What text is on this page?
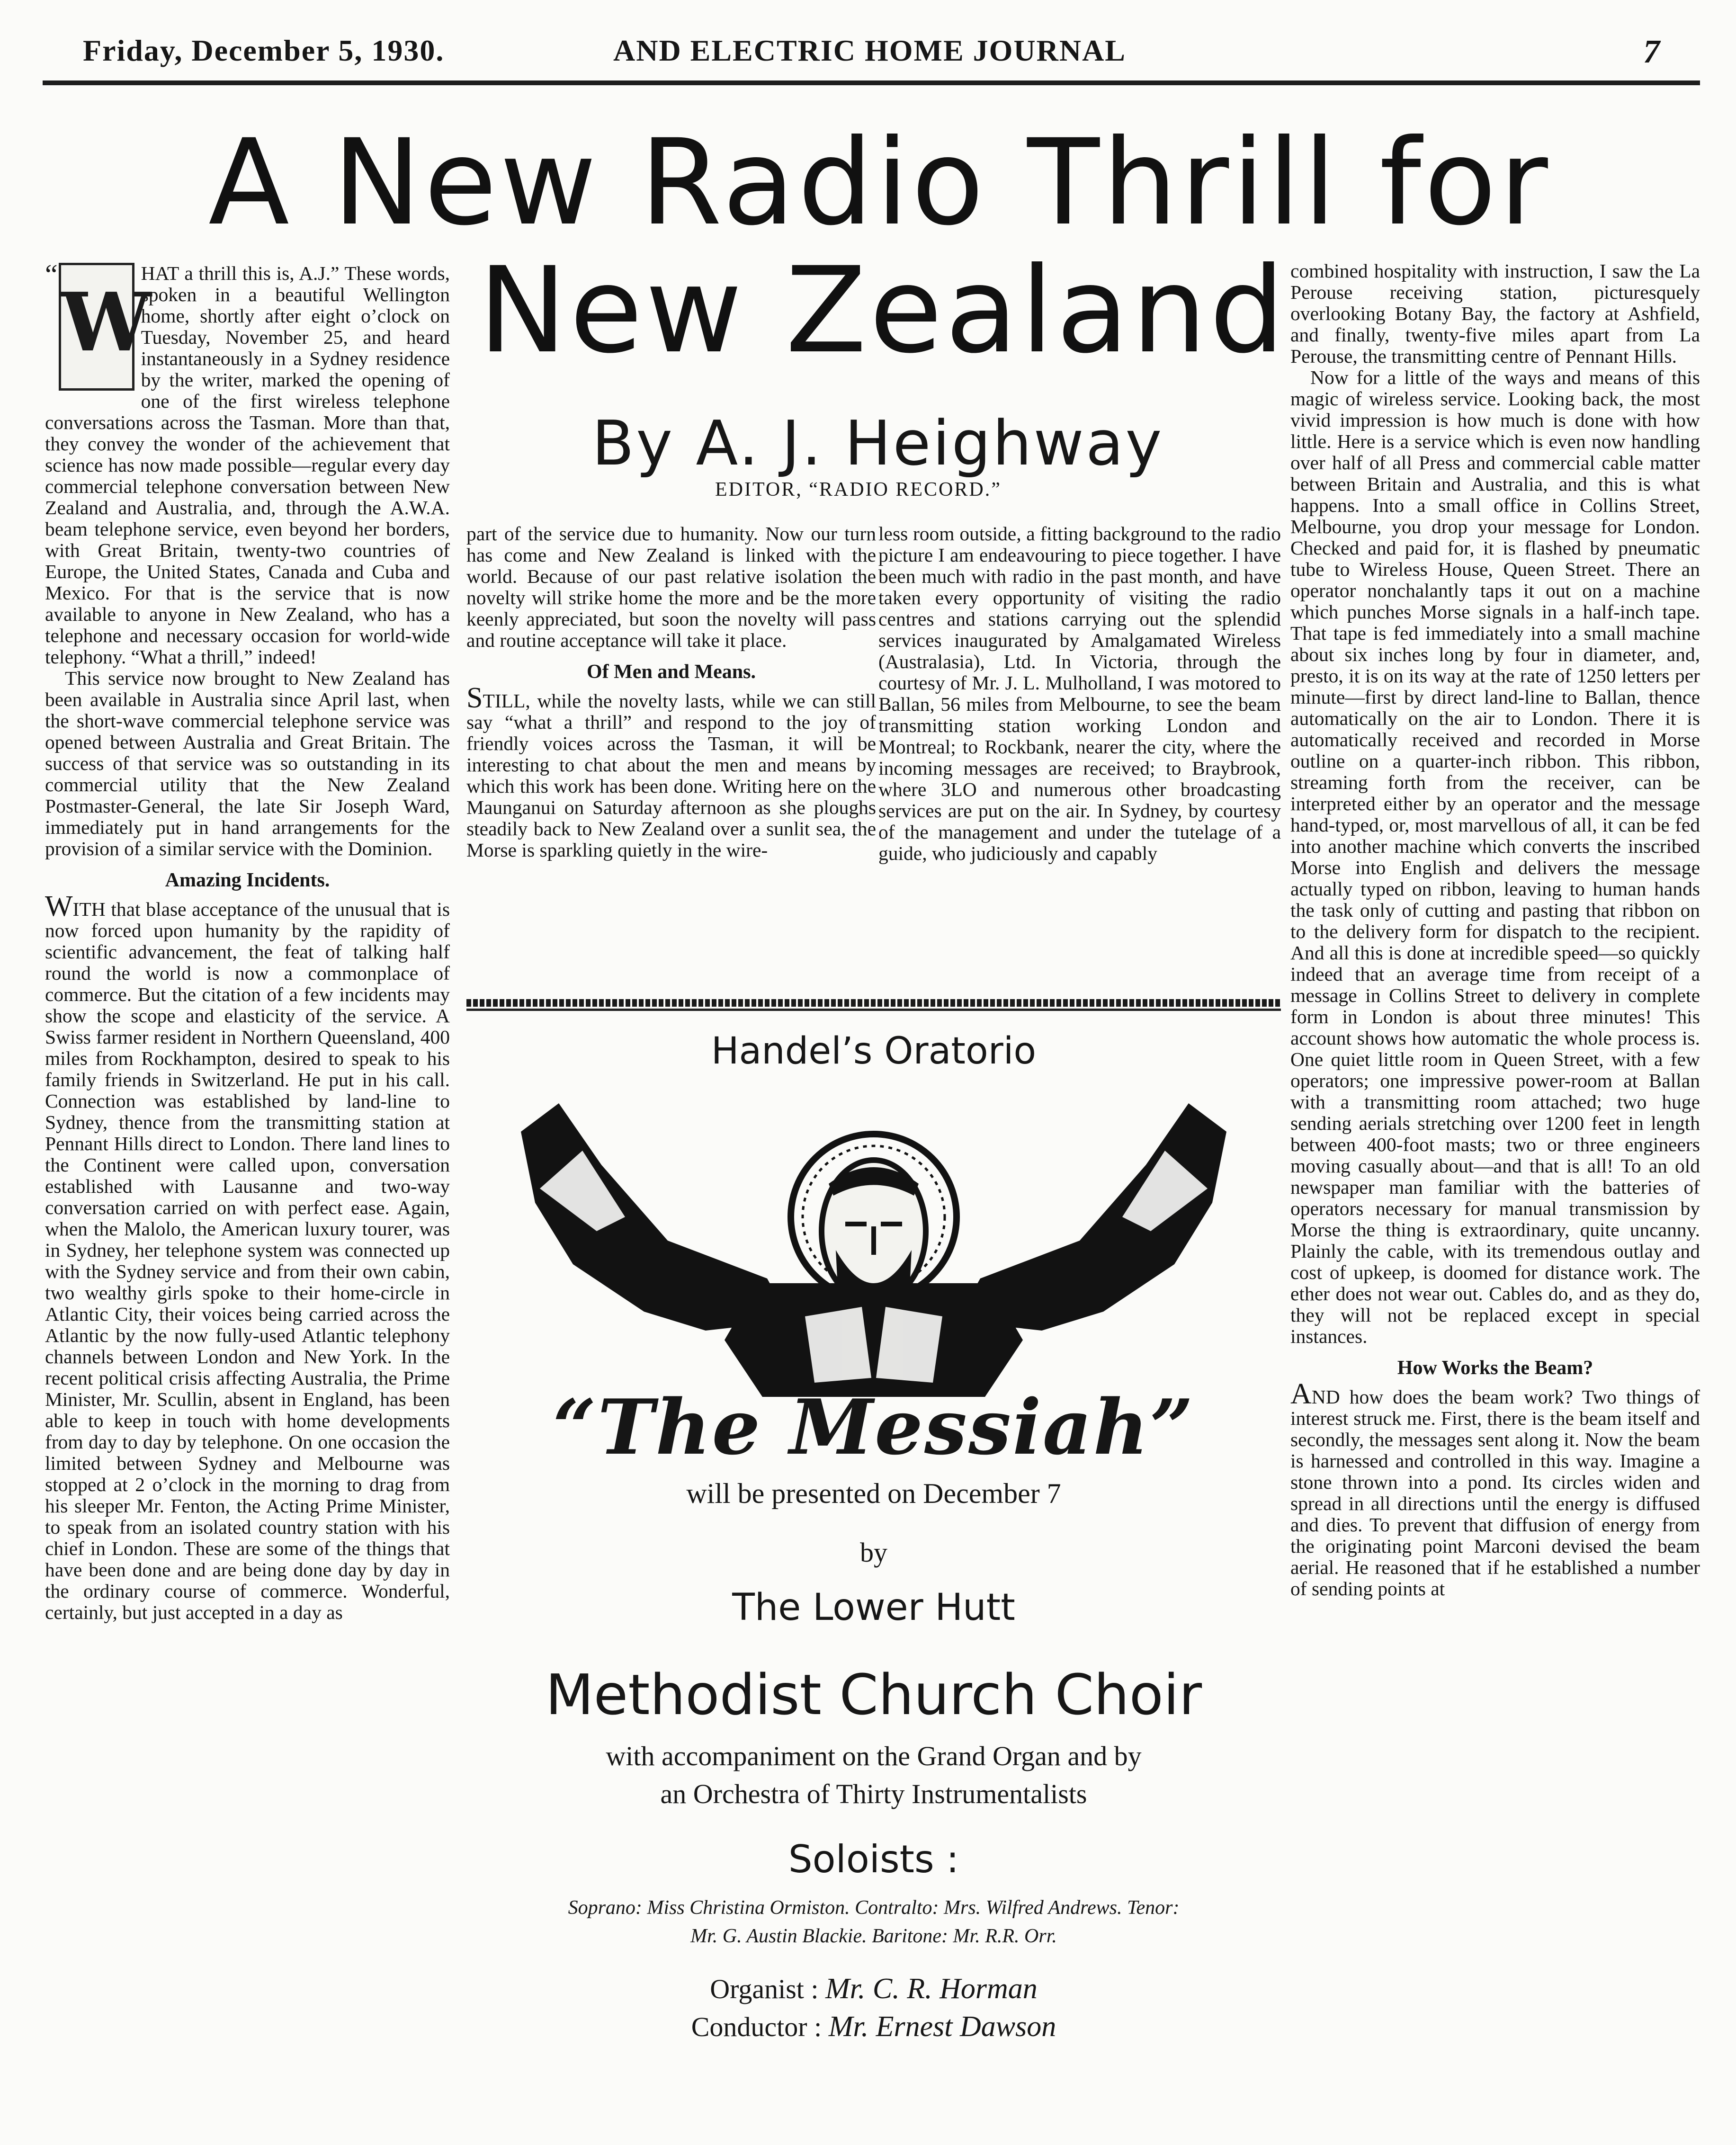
Friday, December 5, 1930.	AND ELECTRIC HOME JOURNAL	7
A New Radio Thrill for
New Zealand
By A. J. Heighway
EDITOR, “RADIO RECORD.”

“
W
HAT a thrill this is, A.J.” These words, spoken in a beautiful Wellington home, shortly after eight o’clock on Tuesday, November 25, and heard instantaneously in a Sydney residence by the writer, marked the opening of one of the first wireless telephone conversations across the Tasman. More than that, they convey the wonder of the achievement that science has now made possible—regular every day commercial telephone conversation between New Zealand and Australia, and, through the A.W.A. beam telephone service, even beyond her borders, with Great Britain, twenty-two countries of Europe, the United States, Canada and Cuba and Mexico. For that is the service that is now available to anyone in New Zealand, who has a telephone and necessary occasion for world-wide telephony. “What a thrill,” indeed!

This service now brought to New Zealand has been available in Australia since April last, when the short-wave commercial telephone service was opened between Australia and Great Britain. The success of that service was so outstanding in its commercial utility that the New Zealand Postmaster-General, the late Sir Joseph Ward, immediately put in hand arrangements for the provision of a similar service with the Dominion.

Amazing Incidents.

WITH that blase acceptance of the unusual that is now forced upon humanity by the rapidity of scientific advancement, the feat of talking half round the world is now a commonplace of commerce. But the citation of a few incidents may show the scope and elasticity of the service. A Swiss farmer resident in Northern Queensland, 400 miles from Rockhampton, desired to speak to his family friends in Switzerland. He put in his call. Connection was established by land-line to Sydney, thence from the transmitting station at Pennant Hills direct to London. There land lines to the Continent were called upon, conversation established with Lausanne and two-way conversation carried on with perfect ease. Again, when the Malolo, the American luxury tourer, was in Sydney, her telephone system was connected up with the Sydney service and from their own cabin, two wealthy girls spoke to their home-circle in Atlantic City, their voices being carried across the Atlantic by the now fully-used Atlantic telephony channels between London and New York. In the recent political crisis affecting Australia, the Prime Minister, Mr. Scullin, absent in England, has been able to keep in touch with home developments from day to day by telephone. On one occasion the limited between Sydney and Melbourne was stopped at 2 o’clock in the morning to drag from his sleeper Mr. Fenton, the Acting Prime Minister, to speak from an isolated country station with his chief in London. These are some of the things that have been done and are being done day by day in the ordinary course of commerce. Wonderful, certainly, but just accepted in a day as

part of the service due to humanity. Now our turn has come and New Zealand is linked with the world. Because of our past relative isolation the novelty will strike home the more and be the more keenly appreciated, but soon the novelty will pass and routine acceptance will take it place.

Of Men and Means.

STILL, while the novelty lasts, while we can still say “what a thrill” and respond to the joy of friendly voices across the Tasman, it will be interesting to chat about the men and means by which this work has been done. Writing here on the Maunganui on Saturday afternoon as she ploughs steadily back to New Zealand over a sunlit sea, the Morse is sparkling quietly in the wire-

less room outside, a fitting background to the radio picture I am endeavouring to piece together. I have been much with radio in the past month, and have taken every opportunity of visiting the radio centres and stations carrying out the splendid services inaugurated by Amalgamated Wireless (Australasia), Ltd. In Victoria, through the courtesy of Mr. J. L. Mulholland, I was motored to Ballan, 56 miles from Melbourne, to see the beam transmitting station working London and Montreal; to Rockbank, nearer the city, where the incoming messages are received; to Braybrook, where 3LO and numerous other broadcasting services are put on the air. In Sydney, by courtesy of the management and under the tutelage of a guide, who judiciously and capably

combined hospitality with instruction, I saw the La Perouse receiving station, picturesquely overlooking Botany Bay, the factory at Ashfield, and finally, twenty-five miles apart from La Perouse, the transmitting centre of Pennant Hills.

Now for a little of the ways and means of this magic of wireless service. Looking back, the most vivid impression is how much is done with how little. Here is a service which is even now handling over half of all Press and commercial cable matter between Britain and Australia, and this is what happens. Into a small office in Collins Street, Melbourne, you drop your message for London. Checked and paid for, it is flashed by pneumatic tube to Wireless House, Queen Street. There an operator nonchalantly taps it out on a machine which punches Morse signals in a half-inch tape. That tape is fed immediately into a small machine about six inches long by four in diameter, and, presto, it is on its way at the rate of 1250 letters per minute—first by direct land-line to Ballan, thence automatically on the air to London. There it is automatically received and recorded in Morse outline on a quarter-inch ribbon. This ribbon, streaming forth from the receiver, can be interpreted either by an operator and the message hand-typed, or, most marvellous of all, it can be fed into another machine which converts the inscribed Morse into English and delivers the message actually typed on ribbon, leaving to human hands the task only of cutting and pasting that ribbon on to the delivery form for dispatch to the recipient. And all this is done at incredible speed—so quickly indeed that an average time from receipt of a message in Collins Street to delivery in complete form in London is about three minutes! This account shows how automatic the whole process is. One quiet little room in Queen Street, with a few operators; one impressive power-room at Ballan with a transmitting room attached; two huge sending aerials stretching over 1200 feet in length between 400-foot masts; two or three engineers moving casually about—and that is all! To an old newspaper man familiar with the batteries of operators necessary for manual transmission by Morse the thing is extraordinary, quite uncanny. Plainly the cable, with its tremendous outlay and cost of upkeep, is doomed for distance work. The ether does not wear out. Cables do, and as they do, they will not be replaced except in special instances.

How Works the Beam?

AND how does the beam work? Two things of interest struck me. First, there is the beam itself and secondly, the messages sent along it. Now the beam is harnessed and controlled in this way. Imagine a stone thrown into a pond. Its circles widen and spread in all directions until the energy is diffused and dies. To prevent that diffusion of energy from the originating point Marconi devised the beam aerial. He reasoned that if he established a number of sending points at

Handel’s Oratorio
“The Messiah”
will be presented on December 7
by
The Lower Hutt
Methodist Church Choir
with accompaniment on the Grand Organ and by
an Orchestra of Thirty Instrumentalists
Soloists :
Soprano: Miss Christina Ormiston. Contralto: Mrs. Wilfred Andrews. Tenor:
Mr. G. Austin Blackie. Baritone: Mr. R.R. Orr.
Organist : Mr. C. R. Horman
Conductor : Mr. Ernest Dawson
